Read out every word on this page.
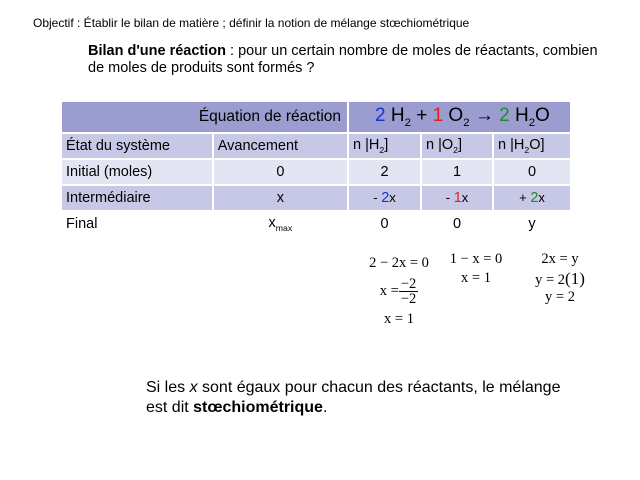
Objectif : Établir le bilan de matière ; définir la notion de mélange stœchiométrique
Bilan d'une réaction : pour un certain nombre de moles de réactants, combien de moles de produits sont formés ?
Équation de réaction		2 $H_2 + 1$ $O_2 \to 2$ $H_2O$		
État du système	Avancement	n $|H_2$]	n $|O_2$]	n $|H_2O$]
Initial (moles)	0	2	1	0
Intermédiaire	x	- 2x	- 1x	+ 2x
Final	$x_{max}$	0	0	y
2 − 2x = 0
$x = \frac{-2}{-2}$
x = 1
1 − x = 0
x = 1
2x = y
y = 2(1)
y = 2
Si les x sont égaux pour chacun des réactants, le mélange est dit stœchiométrique.
